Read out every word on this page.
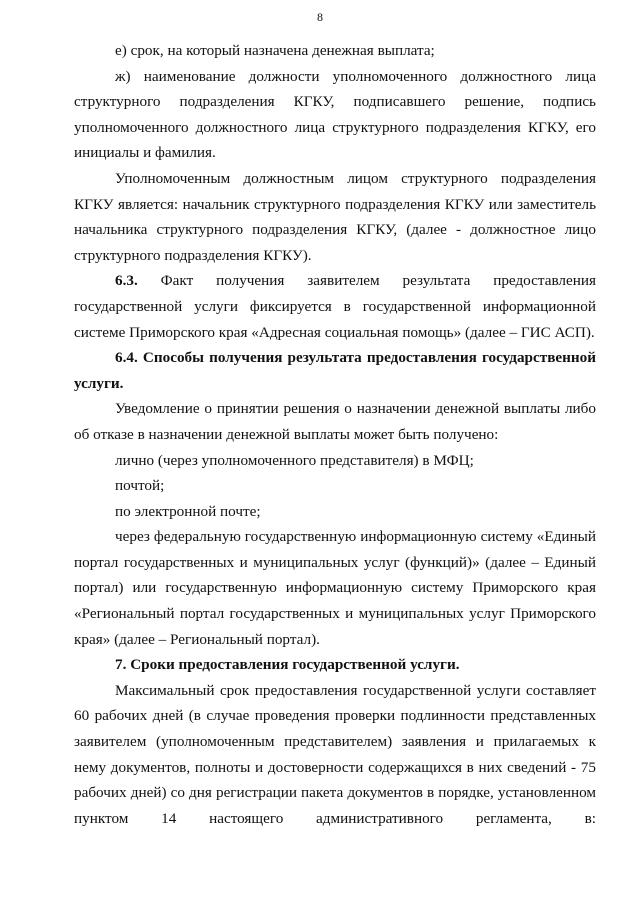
8

е) срок, на который назначена денежная выплата;

ж) наименование должности уполномоченного должностного лица структурного подразделения КГКУ, подписавшего решение, подпись уполномоченного должностного лица структурного подразделения КГКУ, его инициалы и фамилия.

Уполномоченным должностным лицом структурного подразделения КГКУ является: начальник структурного подразделения КГКУ или заместитель начальника структурного подразделения КГКУ, (далее - должностное лицо структурного подразделения КГКУ).

6.3. Факт получения заявителем результата предоставления государственной услуги фиксируется в государственной информационной системе Приморского края «Адресная социальная помощь» (далее – ГИС АСП).

6.4. Способы получения результата предоставления государственной услуги.

Уведомление о принятии решения о назначении денежной выплаты либо об отказе в назначении денежной выплаты может быть получено:

лично (через уполномоченного представителя) в МФЦ;

почтой;

по электронной почте;

через федеральную государственную информационную систему «Единый портал государственных и муниципальных услуг (функций)» (далее – Единый портал) или государственную информационную систему Приморского края «Региональный портал государственных и муниципальных услуг Приморского края» (далее – Региональный портал).

7. Сроки предоставления государственной услуги.

Максимальный срок предоставления государственной услуги составляет 60 рабочих дней (в случае проведения проверки подлинности представленных заявителем (уполномоченным представителем) заявления и прилагаемых к нему документов, полноты и достоверности содержащихся в них сведений - 75 рабочих дней) со дня регистрации пакета документов в порядке, установленном пунктом 14 настоящего административного регламента, в:
